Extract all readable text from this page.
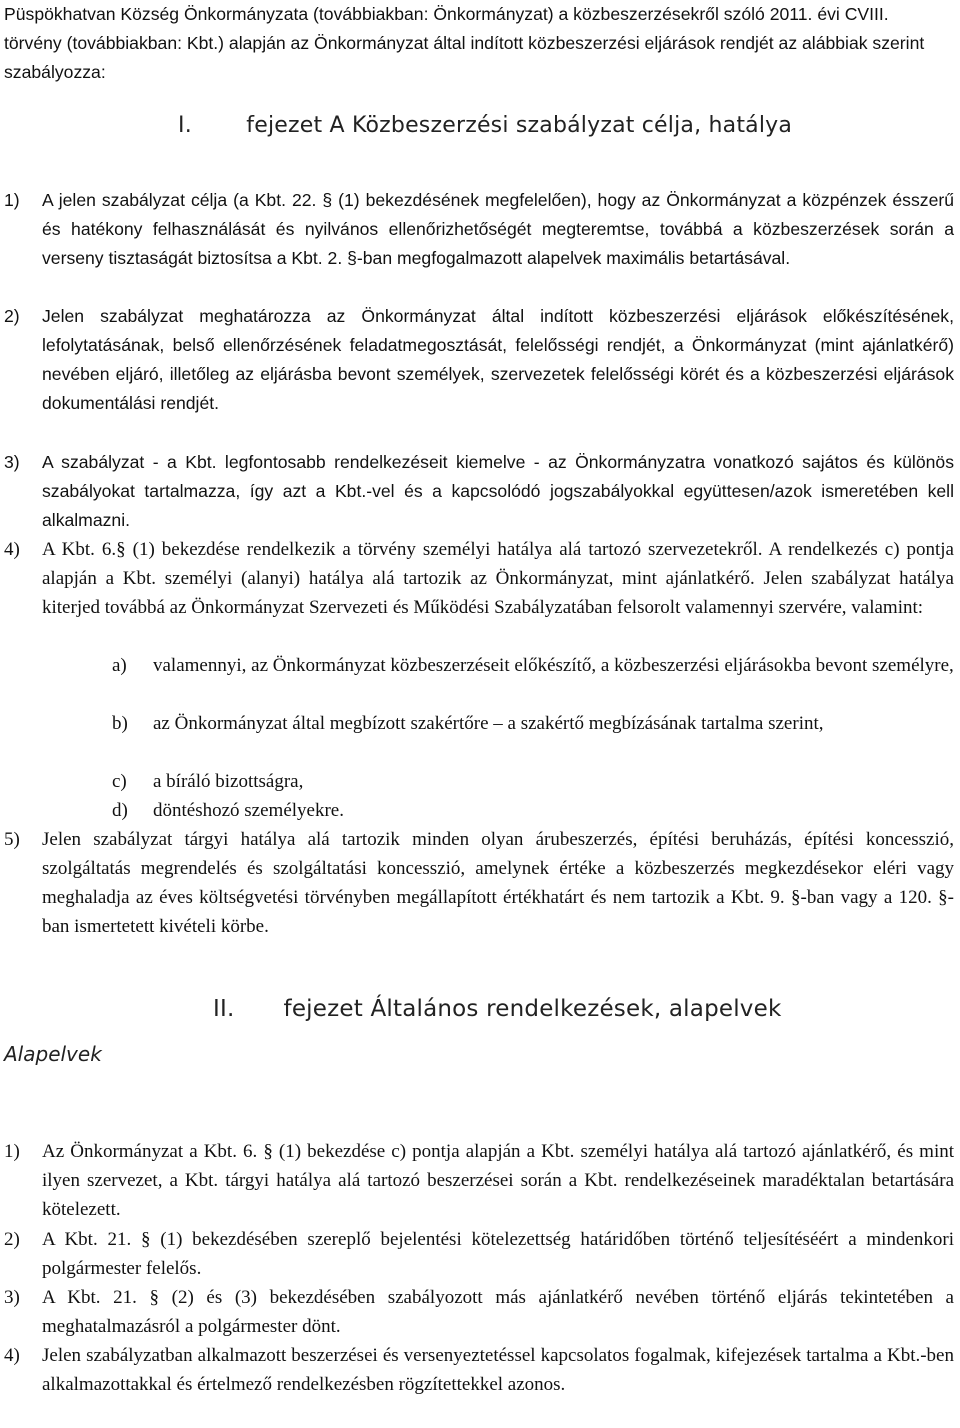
Püspökhatvan Község Önkormányzata (továbbiakban: Önkormányzat) a közbeszerzésekről szóló 2011. évi CVIII. törvény (továbbiakban: Kbt.) alapján az Önkormányzat által indított közbeszerzési eljárások rendjét az alábbiak szerint szabályozza:
I. fejezet A Közbeszerzési szabályzat célja, hatálya
1) A jelen szabályzat célja (a Kbt. 22. § (1) bekezdésének megfelelően), hogy az Önkormányzat a közpénzek ésszerű és hatékony felhasználását és nyilvános ellenőrizhetőségét megteremtse, továbbá a közbeszerzések során a verseny tisztaságát biztosítsa a Kbt. 2. §-ban megfogalmazott alapelvek maximális betartásával.
2) Jelen szabályzat meghatározza az Önkormányzat által indított közbeszerzési eljárások előkészítésének, lefolytatásának, belső ellenőrzésének feladatmegosztását, felelősségi rendjét, a Önkormányzat (mint ajánlatkérő) nevében eljáró, illetőleg az eljárásba bevont személyek, szervezetek felelősségi körét és a közbeszerzési eljárások dokumentálási rendjét.
3) A szabályzat - a Kbt. legfontosabb rendelkezéseit kiemelve - az Önkormányzatra vonatkozó sajátos és különös szabályokat tartalmazza, így azt a Kbt.-vel és a kapcsolódó jogszabályokkal együttesen/azok ismeretében kell alkalmazni.
4) A Kbt. 6.§ (1) bekezdése rendelkezik a törvény személyi hatálya alá tartozó szervezetekről. A rendelkezés c) pontja alapján a Kbt. személyi (alanyi) hatálya alá tartozik az Önkormányzat, mint ajánlatkérő. Jelen szabályzat hatálya kiterjed továbbá az Önkormányzat Szervezeti és Működési Szabályzatában felsorolt valamennyi szervére, valamint:
a) valamennyi, az Önkormányzat közbeszerzéseit előkészítő, a közbeszerzési eljárásokba bevont személyre,
b) az Önkormányzat által megbízott szakértőre – a szakértő megbízásának tartalma szerint,
c) a bíráló bizottságra,
d) döntéshozó személyekre.
5) Jelen szabályzat tárgyi hatálya alá tartozik minden olyan árubeszerzés, építési beruházás, építési koncesszió, szolgáltatás megrendelés és szolgáltatási koncesszió, amelynek értéke a közbeszerzés megkezdésekor eléri vagy meghaladja az éves költségvetési törvényben megállapított értékhatárt és nem tartozik a Kbt. 9. §-ban vagy a 120. §-ban ismertetett kivételi körbe.
II. fejezet Általános rendelkezések, alapelvek
Alapelvek
1) Az Önkormányzat a Kbt. 6. § (1) bekezdése c) pontja alapján a Kbt. személyi hatálya alá tartozó ajánlatkérő, és mint ilyen szervezet, a Kbt. tárgyi hatálya alá tartozó beszerzései során a Kbt. rendelkezéseinek maradéktalan betartására kötelezett.
2) A Kbt. 21. § (1) bekezdésében szereplő bejelentési kötelezettség határidőben történő teljesítéséért a mindenkori polgármester felelős.
3) A Kbt. 21. § (2) és (3) bekezdésében szabályozott más ajánlatkérő nevében történő eljárás tekintetében a meghatalmazásról a polgármester dönt.
4) Jelen szabályzatban alkalmazott beszerzései és versenyeztetéssel kapcsolatos fogalmak, kifejezések tartalma a Kbt.-ben alkalmazottakkal és értelmező rendelkezésben rögzítettekkel azonos.
